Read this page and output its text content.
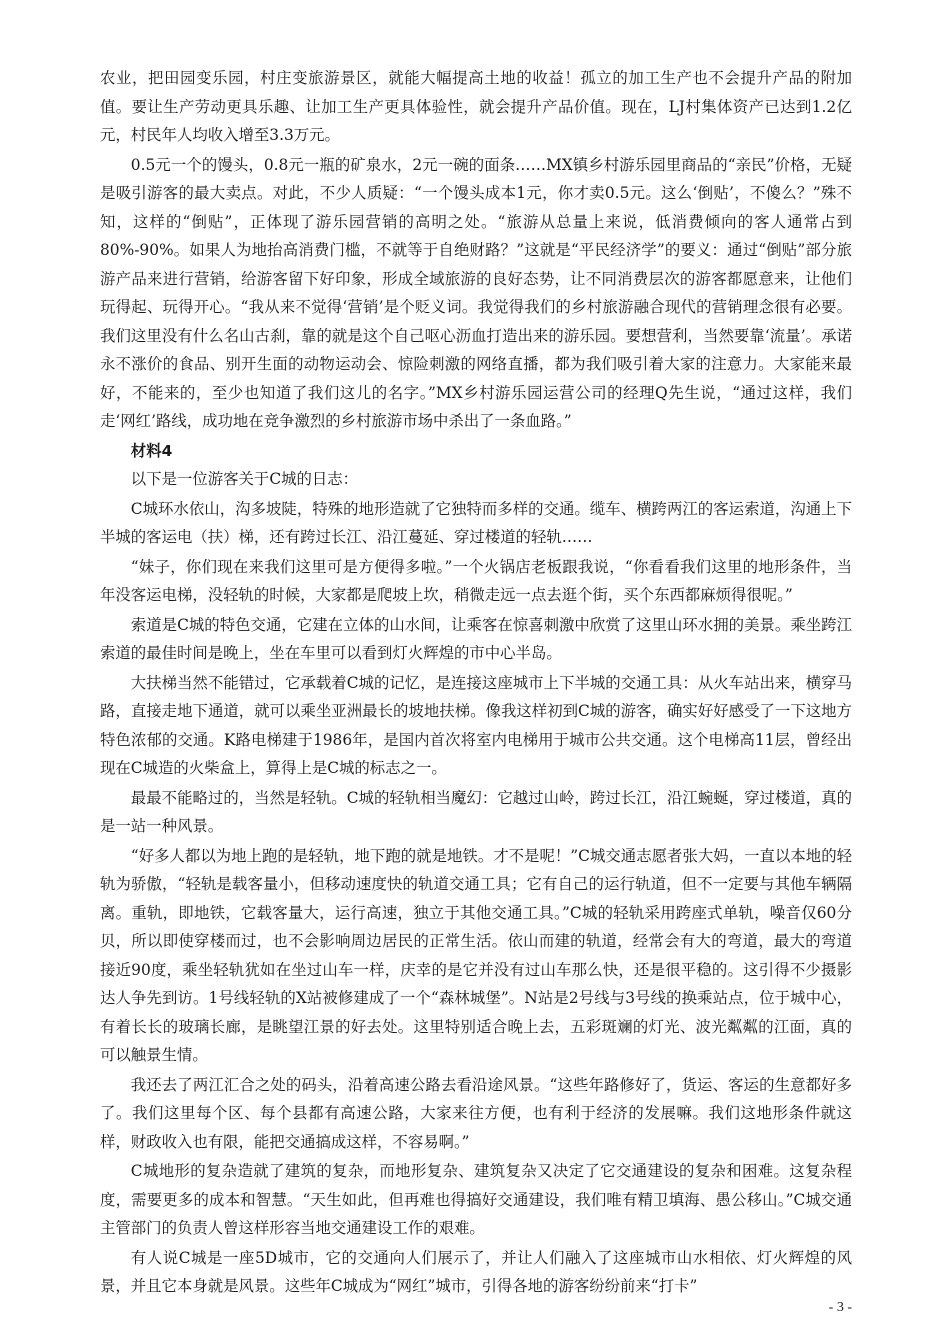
农业，把田园变乐园，村庄变旅游景区，就能大幅提高土地的收益！孤立的加工生产也不会提升产品的附加值。要让生产劳动更具乐趣、让加工生产更具体验性，就会提升产品价值。现在，LJ村集体资产已达到1.2亿元，村民年人均收入增至3.3万元。

0.5元一个的馒头，0.8元一瓶的矿泉水，2元一碗的面条……MX镇乡村游乐园里商品的“亲民”价格，无疑是吸引游客的最大卖点。对此，不少人质疑：“一个馒头成本1元，你才卖0.5元。这么‘倒贴’，不傻么？”殊不知，这样的“倒贴”，正体现了游乐园营销的高明之处。“旅游从总量上来说，低消费倾向的客人通常占到80%-90%。如果人为地抬高消费门槛，不就等于自绝财路？”这就是“平民经济学”的要义：通过“倒贴”部分旅游产品来进行营销，给游客留下好印象，形成全域旅游的良好态势，让不同消费层次的游客都愿意来，让他们玩得起、玩得开心。“我从来不觉得‘营销’是个贬义词。我觉得我们的乡村旅游融合现代的营销理念很有必要。我们这里没有什么名山古刹，靠的就是这个自己呕心沥血打造出来的游乐园。要想营利，当然要靠‘流量’。承诺永不涨价的食品、别开生面的动物运动会、惊险刺激的网络直播，都为我们吸引着大家的注意力。大家能来最好，不能来的，至少也知道了我们这儿的名字。”MX乡村游乐园运营公司的经理Q先生说，“通过这样，我们走‘网红’路线，成功地在竞争激烈的乡村旅游市场中杀出了一条血路。”

材料4

以下是一位游客关于C城的日志：

C城环水依山，沟多坡陡，特殊的地形造就了它独特而多样的交通。缆车、横跨两江的客运索道，沟通上下半城的客运电（扶）梯，还有跨过长江、沿江蔓延、穿过楼道的轻轨……

“妹子，你们现在来我们这里可是方便得多啦。”一个火锅店老板跟我说，“你看看我们这里的地形条件，当年没客运电梯，没轻轨的时候，大家都是爬坡上坎，稍微走远一点去逛个街，买个东西都麻烦得很呢。”

索道是C城的特色交通，它建在立体的山水间，让乘客在惊喜刺激中欣赏了这里山环水拥的美景。乘坐跨江索道的最佳时间是晚上，坐在车里可以看到灯火辉煌的市中心半岛。

大扶梯当然不能错过，它承载着C城的记忆，是连接这座城市上下半城的交通工具：从火车站出来，横穿马路，直接走地下通道，就可以乘坐亚洲最长的坡地扶梯。像我这样初到C城的游客，确实好好感受了一下这地方特色浓郁的交通。K路电梯建于1986年，是国内首次将室内电梯用于城市公共交通。这个电梯高11层，曾经出现在C城造的火柴盒上，算得上是C城的标志之一。

最最不能略过的，当然是轻轨。C城的轻轨相当魔幻：它越过山岭，跨过长江，沿江蜿蜒，穿过楼道，真的是一站一种风景。

“好多人都以为地上跑的是轻轨，地下跑的就是地铁。才不是呢！”C城交通志愿者张大妈，一直以本地的轻轨为骄傲，“轻轨是载客量小，但移动速度快的轨道交通工具；它有自己的运行轨道，但不一定要与其他车辆隔离。重轨，即地铁，它载客量大，运行高速，独立于其他交通工具。”C城的轻轨采用跨座式单轨，噪音仅60分贝，所以即使穿楼而过，也不会影响周边居民的正常生活。依山而建的轨道，经常会有大的弯道，最大的弯道接近90度，乘坐轻轨犹如在坐过山车一样，庆幸的是它并没有过山车那么快，还是很平稳的。这引得不少摄影达人争先到访。1号线轻轨的X站被修建成了一个“森林城堡”。N站是2号线与3号线的换乘站点，位于城中心，有着长长的玻璃长廊，是眺望江景的好去处。这里特别适合晚上去，五彩斑斓的灯光、波光粼粼的江面，真的可以触景生情。

我还去了两江汇合之处的码头，沿着高速公路去看沿途风景。“这些年路修好了，货运、客运的生意都好多了。我们这里每个区、每个县都有高速公路，大家来往方便，也有利于经济的发展嘛。我们这地形条件就这样，财政收入也有限，能把交通搞成这样，不容易啊。”

C城地形的复杂造就了建筑的复杂，而地形复杂、建筑复杂又决定了它交通建设的复杂和困难。这复杂程度，需要更多的成本和智慧。“天生如此，但再难也得搞好交通建设，我们唯有精卫填海、愚公移山。”C城交通主管部门的负责人曾这样形容当地交通建设工作的艰难。

有人说C城是一座5D城市，它的交通向人们展示了，并让人们融入了这座城市山水相依、灯火辉煌的风景，并且它本身就是风景。这些年C城成为“网红”城市，引得各地的游客纷纷前来“打卡”

- 3 -
